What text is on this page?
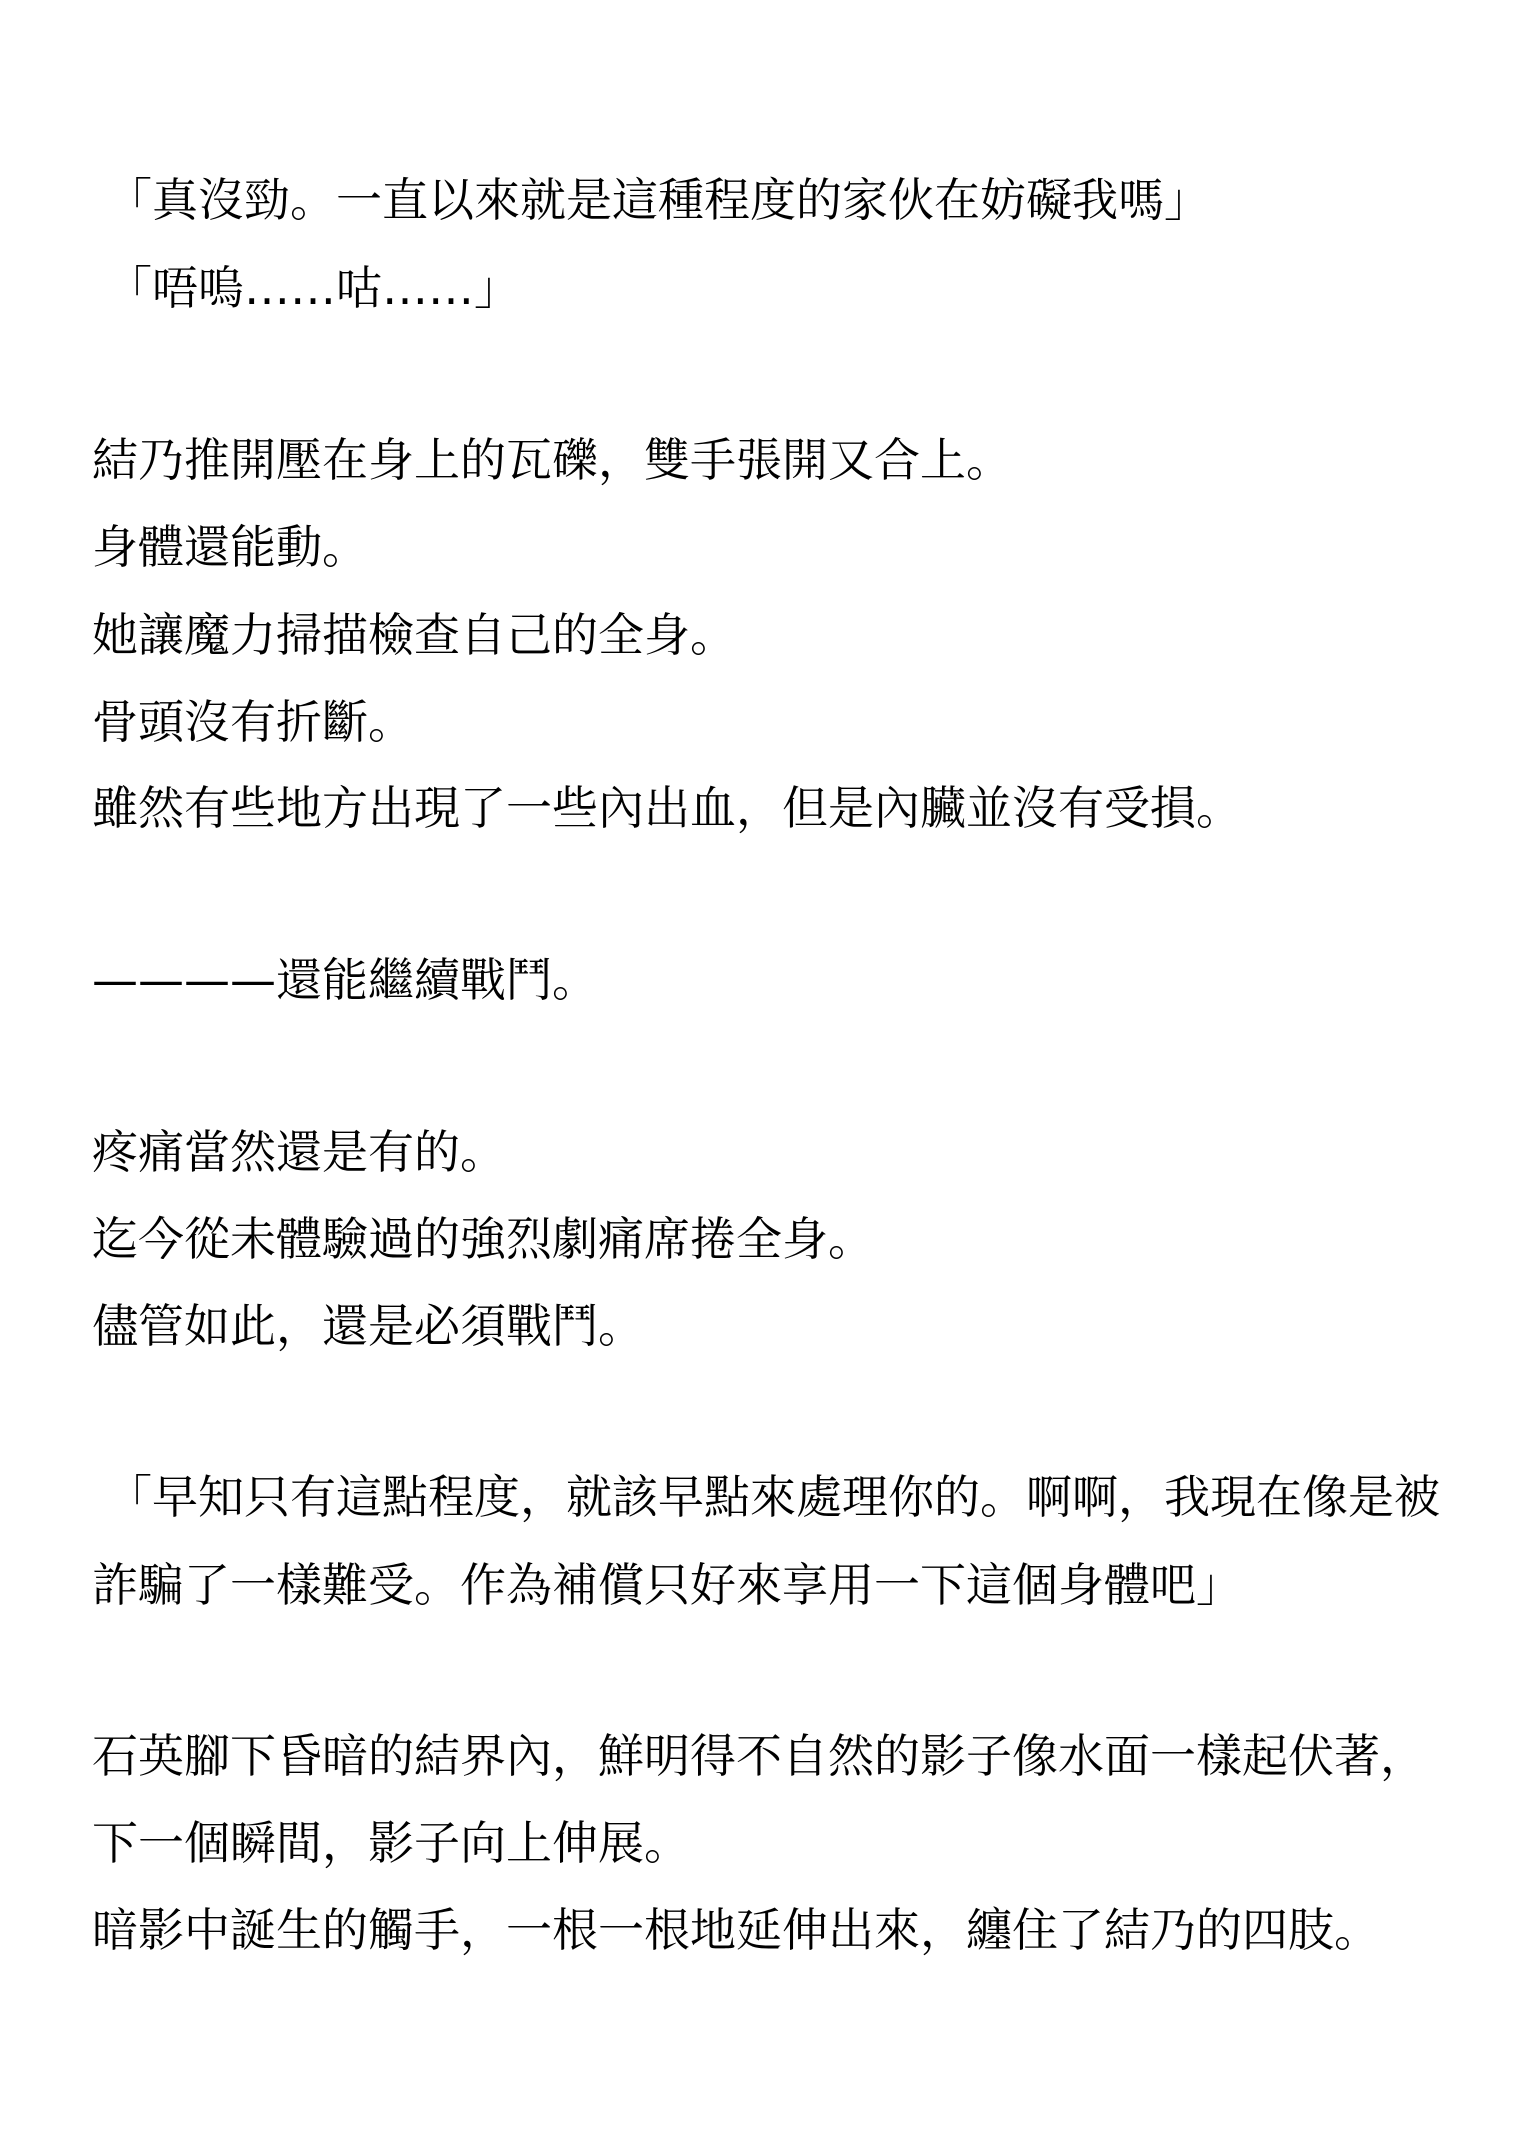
「真沒勁。一直以來就是這種程度的家伙在妨礙我嗎」
「唔嗚……咕……」
結乃推開壓在身上的瓦礫，雙手張開又合上。
身體還能動。
她讓魔力掃描檢查自己的全身。
骨頭沒有折斷。
雖然有些地方出現了一些內出血，但是內臟並沒有受損。
————還能繼續戰鬥。
疼痛當然還是有的。
迄今從未體驗過的強烈劇痛席捲全身。
儘管如此，還是必須戰鬥。
「早知只有這點程度，就該早點來處理你的。啊啊，我現在像是被
詐騙了一樣難受。作為補償只好來享用一下這個身體吧」
石英腳下昏暗的結界內，鮮明得不自然的影子像水面一樣起伏著，
下一個瞬間，影子向上伸展。
暗影中誕生的觸手，一根一根地延伸出來，纏住了結乃的四肢。
